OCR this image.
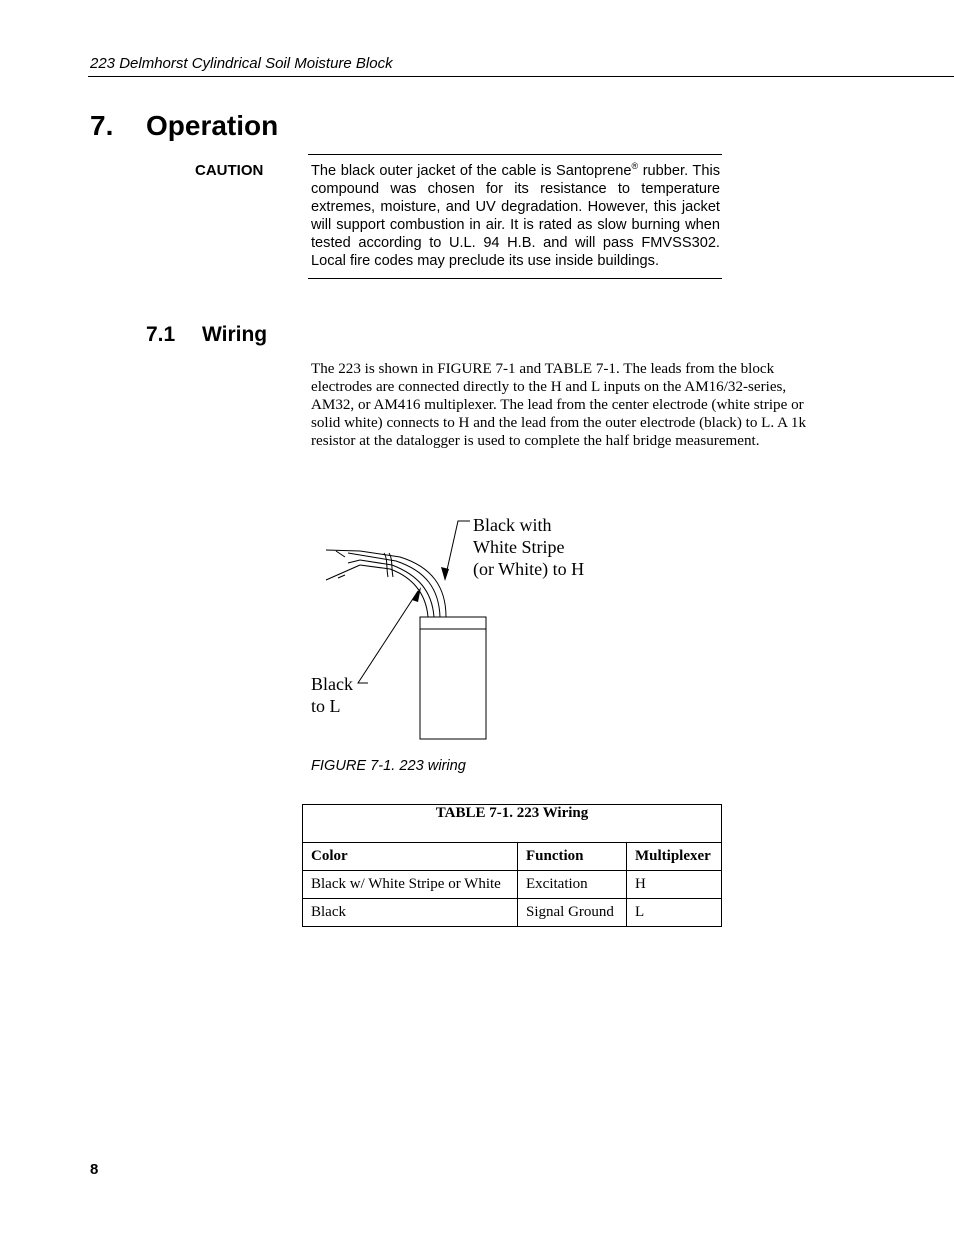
223 Delmhorst Cylindrical Soil Moisture Block
7. Operation
CAUTION	The black outer jacket of the cable is Santoprene® rubber. This compound was chosen for its resistance to temperature extremes, moisture, and UV degradation. However, this jacket will support combustion in air. It is rated as slow burning when tested according to U.L. 94 H.B. and will pass FMVSS302. Local fire codes may preclude its use inside buildings.

7.1 Wiring

The 223 is shown in FIGURE 7-1 and TABLE 7-1. The leads from the block electrodes are connected directly to the H and L inputs on the AM16/32-series, AM32, or AM416 multiplexer. The lead from the center electrode (white stripe or solid white) connects to H and the lead from the outer electrode (black) to L. A 1k resistor at the datalogger is used to complete the half bridge measurement.

Black with
White Stripe
(or White) to H
Black
to L
FIGURE 7-1. 223 wiring
TABLE 7-1. 223 Wiring		
Color	Function	Multiplexer
Black w/ White Stripe or White	Excitation	H
Black	Signal Ground	L
8
